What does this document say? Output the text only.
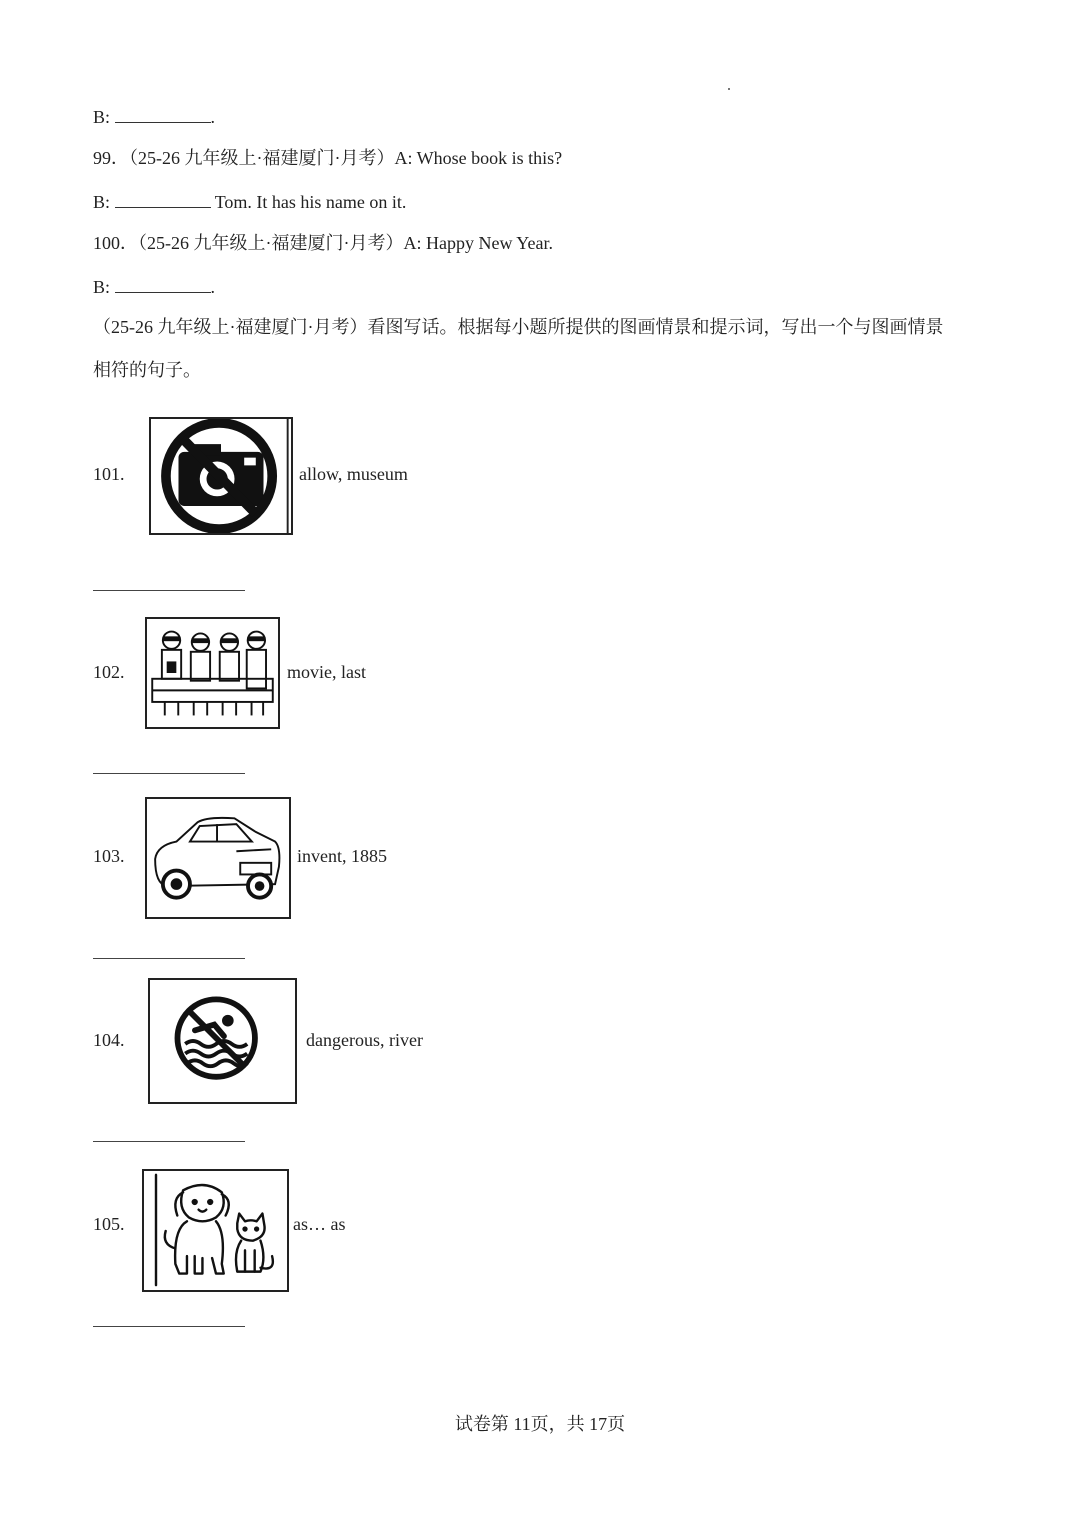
B:	.
99．（25-26 九年级上·福建厦门·月考）A: Whose book is this?
B:	Tom. It has his name on it.
100．（25-26 九年级上·福建厦门·月考）A: Happy New Year.
B:	.
（25-26 九年级上·福建厦门·月考）看图写话。根据每小题所提供的图画情景和提示词，写出一个与图画情景
相符的句子。
101.	allow, museum
102.	movie, last
103.	invent, 1885
104.	dangerous, river
105.	as… as
试卷第 11页，共 17页
